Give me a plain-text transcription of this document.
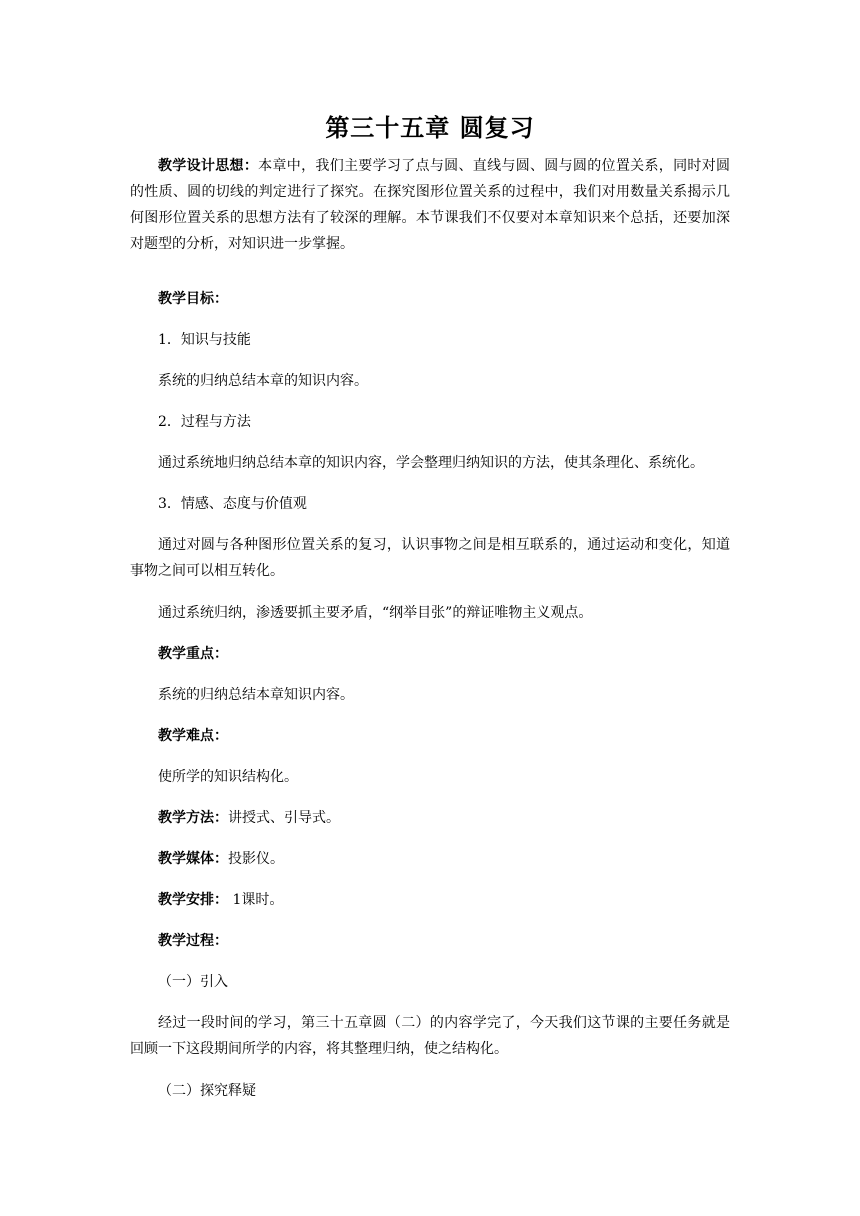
第三十五章 圆复习
教学设计思想：本章中，我们主要学习了点与圆、直线与圆、圆与圆的位置关系，同时对圆的性质、圆的切线的判定进行了探究。在探究图形位置关系的过程中，我们对用数量关系揭示几何图形位置关系的思想方法有了较深的理解。本节课我们不仅要对本章知识来个总括，还要加深对题型的分析，对知识进一步掌握。
教学目标：
1．知识与技能
系统的归纳总结本章的知识内容。
2．过程与方法
通过系统地归纳总结本章的知识内容，学会整理归纳知识的方法，使其条理化、系统化。
3．情感、态度与价值观
通过对圆与各种图形位置关系的复习，认识事物之间是相互联系的，通过运动和变化，知道事物之间可以相互转化。
通过系统归纳，渗透要抓主要矛盾，“纲举目张”的辩证唯物主义观点。
教学重点：
系统的归纳总结本章知识内容。
教学难点：
使所学的知识结构化。
教学方法：讲授式、引导式。
教学媒体：投影仪。
教学安排： 1课时。
教学过程：
（一）引入
经过一段时间的学习，第三十五章圆（二）的内容学完了，今天我们这节课的主要任务就是回顾一下这段期间所学的内容，将其整理归纳，使之结构化。
（二）探究释疑
